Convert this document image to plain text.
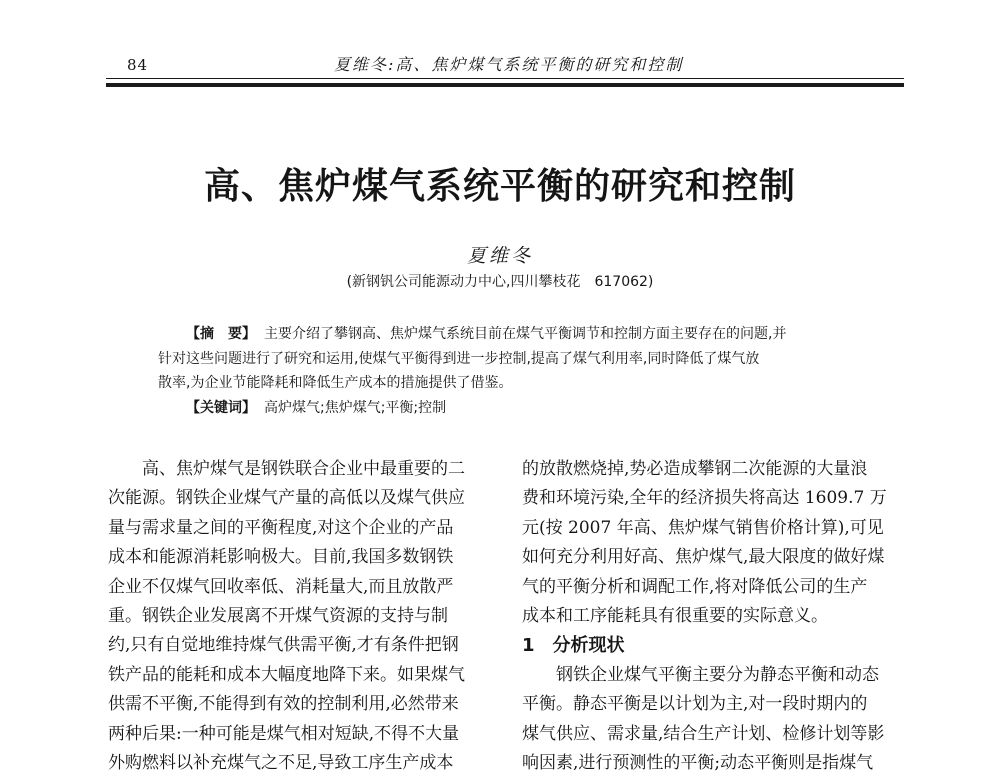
84	夏维冬:高、焦炉煤气系统平衡的研究和控制
高、焦炉煤气系统平衡的研究和控制
夏维冬
(新钢钒公司能源动力中心,四川攀枝花　617062)
【摘　要】 主要介绍了攀钢高、焦炉煤气系统目前在煤气平衡调节和控制方面主要存在的问题,并
针对这些问题进行了研究和运用,使煤气平衡得到进一步控制,提高了煤气利用率,同时降低了煤气放
散率,为企业节能降耗和降低生产成本的措施提供了借鉴。
【关键词】 高炉煤气;焦炉煤气;平衡;控制
　　高、焦炉煤气是钢铁联合企业中最重要的二
次能源。钢铁企业煤气产量的高低以及煤气供应
量与需求量之间的平衡程度,对这个企业的产品
成本和能源消耗影响极大。目前,我国多数钢铁
企业不仅煤气回收率低、消耗量大,而且放散严
重。钢铁企业发展离不开煤气资源的支持与制
约,只有自觉地维持煤气供需平衡,才有条件把钢
铁产品的能耗和成本大幅度地降下来。如果煤气
供需不平衡,不能得到有效的控制利用,必然带来
两种后果:一种可能是煤气相对短缺,不得不大量
外购燃料以补充煤气之不足,导致工序生产成本
的放散燃烧掉,势必造成攀钢二次能源的大量浪
费和环境污染,全年的经济损失将高达 1609.7 万
元(按 2007 年高、焦炉煤气销售价格计算),可见
如何充分利用好高、焦炉煤气,最大限度的做好煤
气的平衡分析和调配工作,将对降低公司的生产
成本和工序能耗具有很重要的实际意义。
1　分析现状
　　钢铁企业煤气平衡主要分为静态平衡和动态
平衡。静态平衡是以计划为主,对一段时期内的
煤气供应、需求量,结合生产计划、检修计划等影
响因素,进行预测性的平衡;动态平衡则是指煤气
